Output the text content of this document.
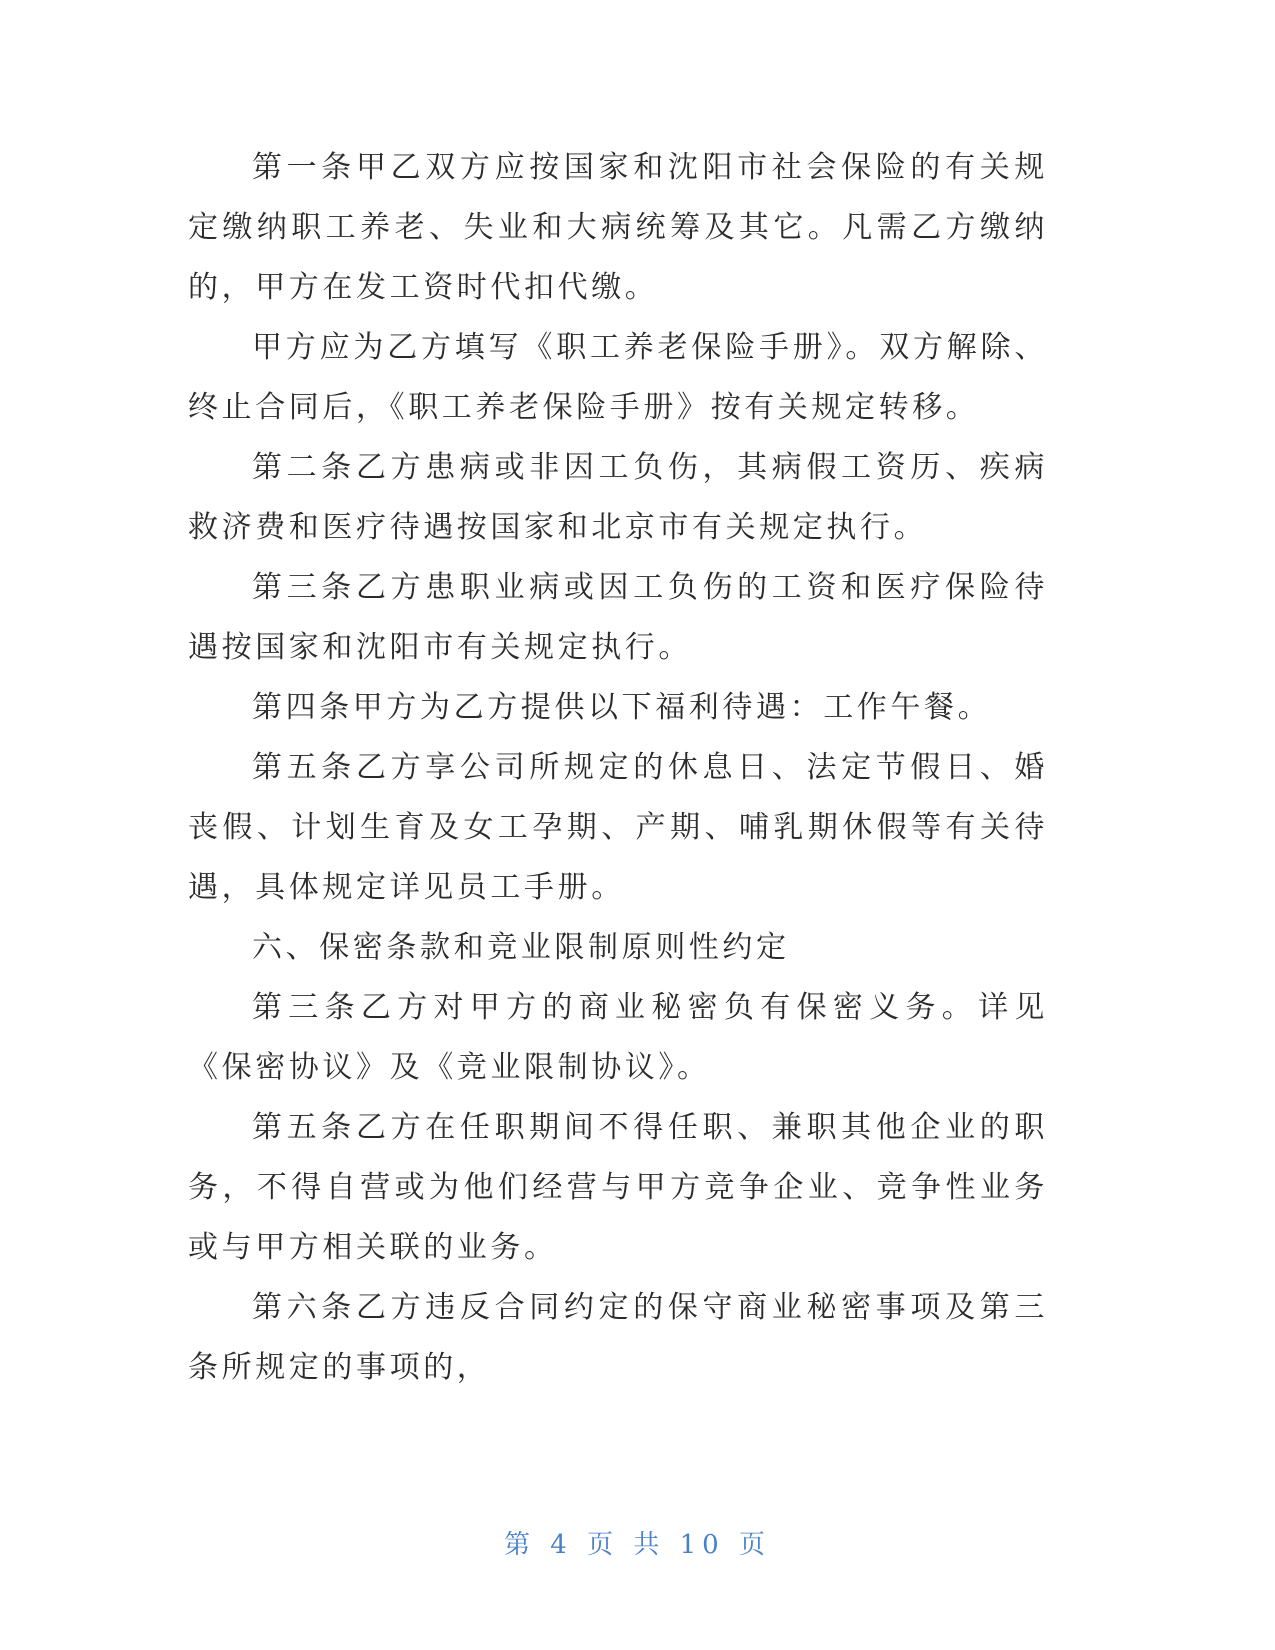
第一条甲乙双方应按国家和沈阳市社会保险的有关规定缴纳职工养老、失业和大病统筹及其它。凡需乙方缴纳的，甲方在发工资时代扣代缴。

甲方应为乙方填写《职工养老保险手册》。双方解除、终止合同后，《职工养老保险手册》按有关规定转移。

第二条乙方患病或非因工负伤，其病假工资历、疾病救济费和医疗待遇按国家和北京市有关规定执行。

第三条乙方患职业病或因工负伤的工资和医疗保险待遇按国家和沈阳市有关规定执行。

第四条甲方为乙方提供以下福利待遇：工作午餐。

第五条乙方享公司所规定的休息日、法定节假日、婚丧假、计划生育及女工孕期、产期、哺乳期休假等有关待遇，具体规定详见员工手册。

六、保密条款和竞业限制原则性约定

第三条乙方对甲方的商业秘密负有保密义务。详见《保密协议》及《竞业限制协议》。

第五条乙方在任职期间不得任职、兼职其他企业的职务，不得自营或为他们经营与甲方竞争企业、竞争性业务或与甲方相关联的业务。

第六条乙方违反合同约定的保守商业秘密事项及第三条所规定的事项的，

第 4 页 共 10 页
